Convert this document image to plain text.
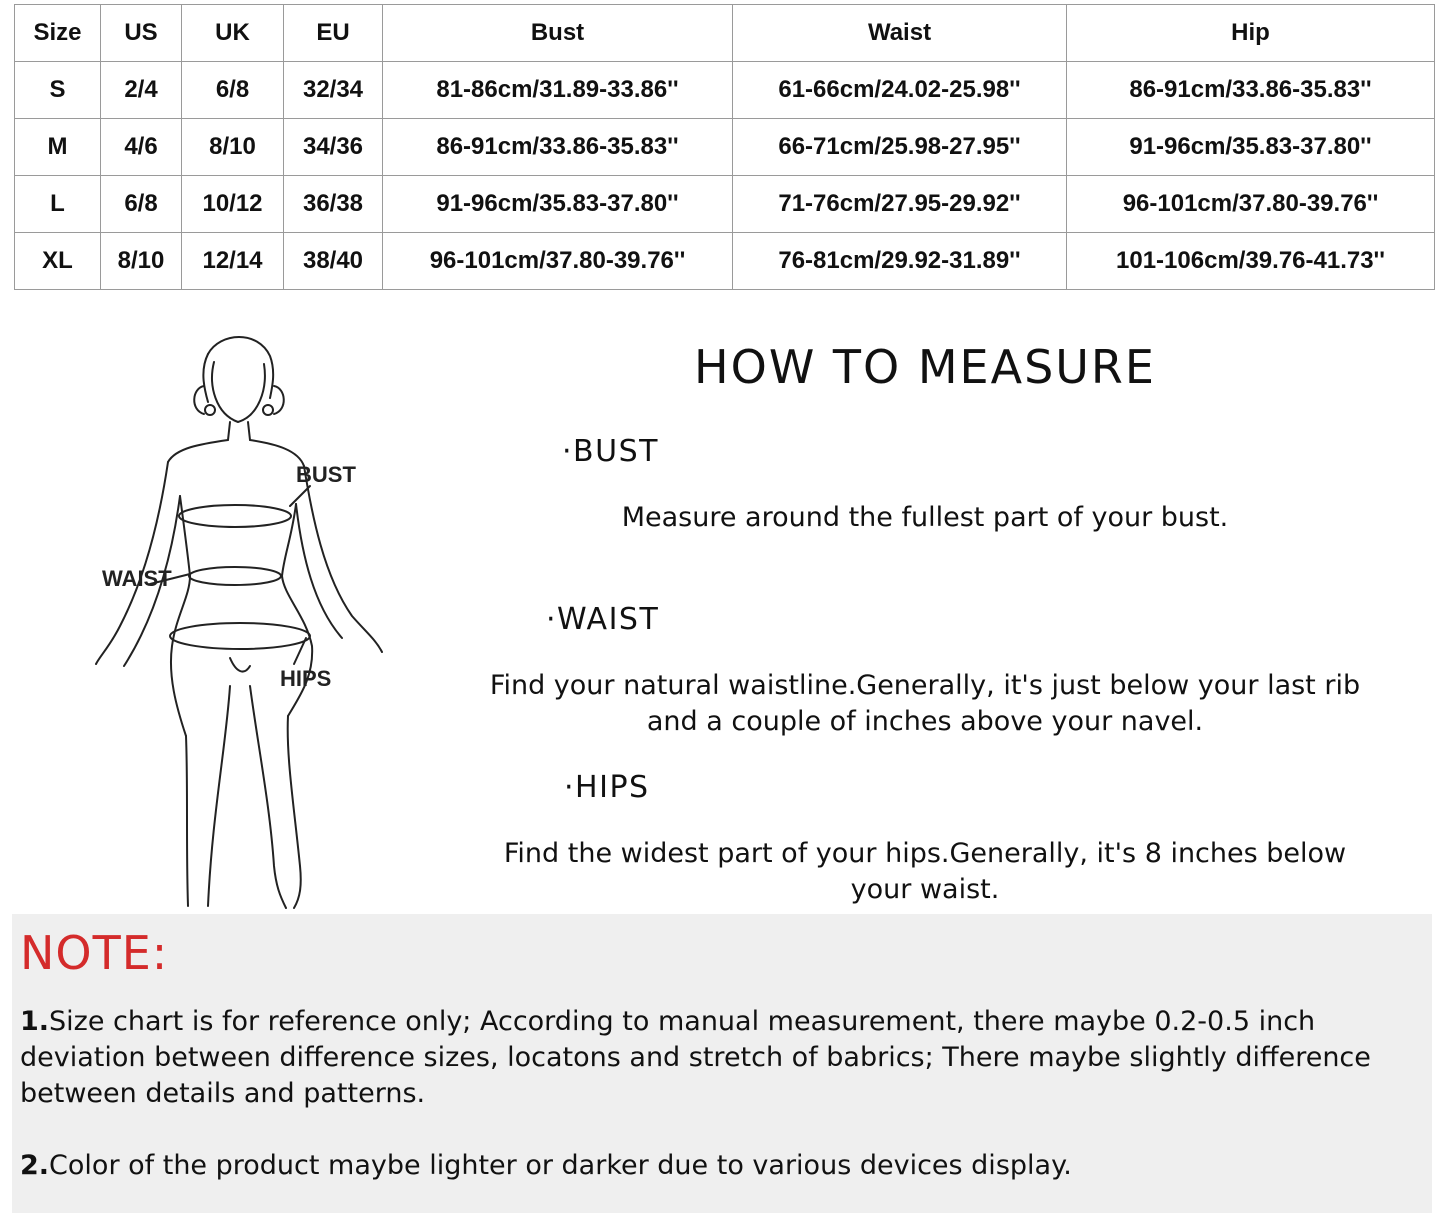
Size	US	UK	EU	Bust	Waist	Hip
S	2/4	6/8	32/34	81-86cm/31.89-33.86''	61-66cm/24.02-25.98''	86-91cm/33.86-35.83''
M	4/6	8/10	34/36	86-91cm/33.86-35.83''	66-71cm/25.98-27.95''	91-96cm/35.83-37.80''
L	6/8	10/12	36/38	91-96cm/35.83-37.80''	71-76cm/27.95-29.92''	96-101cm/37.80-39.76''
XL	8/10	12/14	38/40	96-101cm/37.80-39.76''	76-81cm/29.92-31.89''	101-106cm/39.76-41.73''
BUST
WAIST
HIPS
HOW TO MEASURE
·BUST

Measure around the fullest part of your bust.

·WAIST

Find your natural waistline.Generally, it's just below your last rib

and a couple of inches above your navel.

·HIPS

Find the widest part of your hips.Generally, it's 8 inches below

your waist.

NOTE:

1.Size chart is for reference only; According to manual measurement, there maybe 0.2-0.5 inch

deviation between difference sizes, locatons and stretch of babrics; There maybe slightly difference

between details and patterns.

2.Color of the product maybe lighter or darker due to various devices display.
